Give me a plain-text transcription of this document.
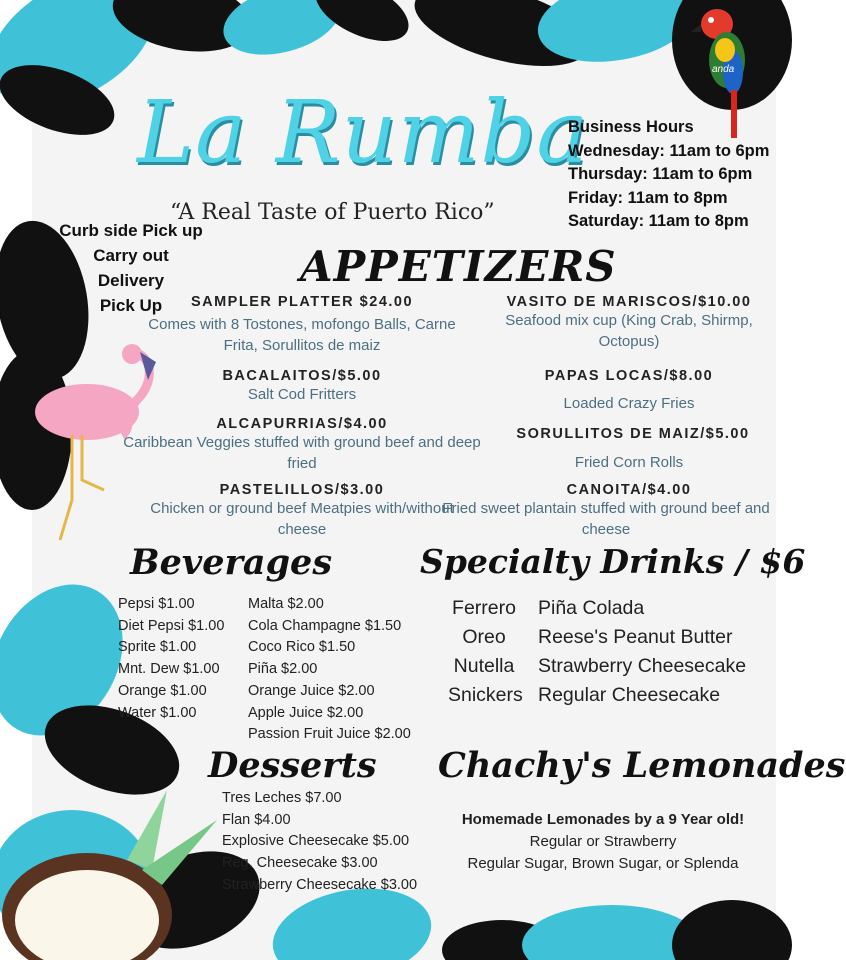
anda
La Rumba
“A Real Taste of Puerto Rico”
Business Hours
Wednesday: 11am to 6pm
Thursday: 11am to 6pm
Friday: 11am to 8pm
Saturday: 11am to 8pm
Curb side Pick up
Carry out
Delivery
Pick Up
APPETIZERS
SAMPLER PLATTER $24.00
Comes with 8 Tostones, mofongo Balls, Carne Frita, Sorullitos de maiz
BACALAITOS/$5.00
Salt Cod Fritters
ALCAPURRIAS/$4.00
Caribbean Veggies stuffed with ground beef and deep fried
PASTELILLOS/$3.00
Chicken or ground beef Meatpies with/without cheese
VASITO DE MARISCOS/$10.00
Seafood mix cup (King Crab, Shirmp, Octopus)
PAPAS LOCAS/$8.00
Loaded Crazy Fries
SORULLITOS DE MAIZ/$5.00
Fried Corn Rolls
CANOITA/$4.00
Fried sweet plantain stuffed with ground beef and cheese
Beverages
Pepsi $1.00
Diet Pepsi $1.00
Sprite $1.00
Mnt. Dew $1.00
Orange $1.00
Water $1.00
Malta $2.00
Cola Champagne $1.50
Coco Rico $1.50
Piña $2.00
Orange Juice $2.00
Apple Juice $2.00
Passion Fruit Juice $2.00
Specialty Drinks / $6
Ferrero
Oreo
Nutella
Snickers
Piña Colada
Reese's Peanut Butter
Strawberry Cheesecake
Regular Cheesecake
Desserts
Tres Leches $7.00
Flan $4.00
Explosive Cheesecake $5.00
Reg. Cheesecake $3.00
Strawberry Cheesecake $3.00
Chachy's Lemonades
Homemade Lemonades by a 9 Year old!
Regular or Strawberry
Regular Sugar, Brown Sugar, or Splenda
